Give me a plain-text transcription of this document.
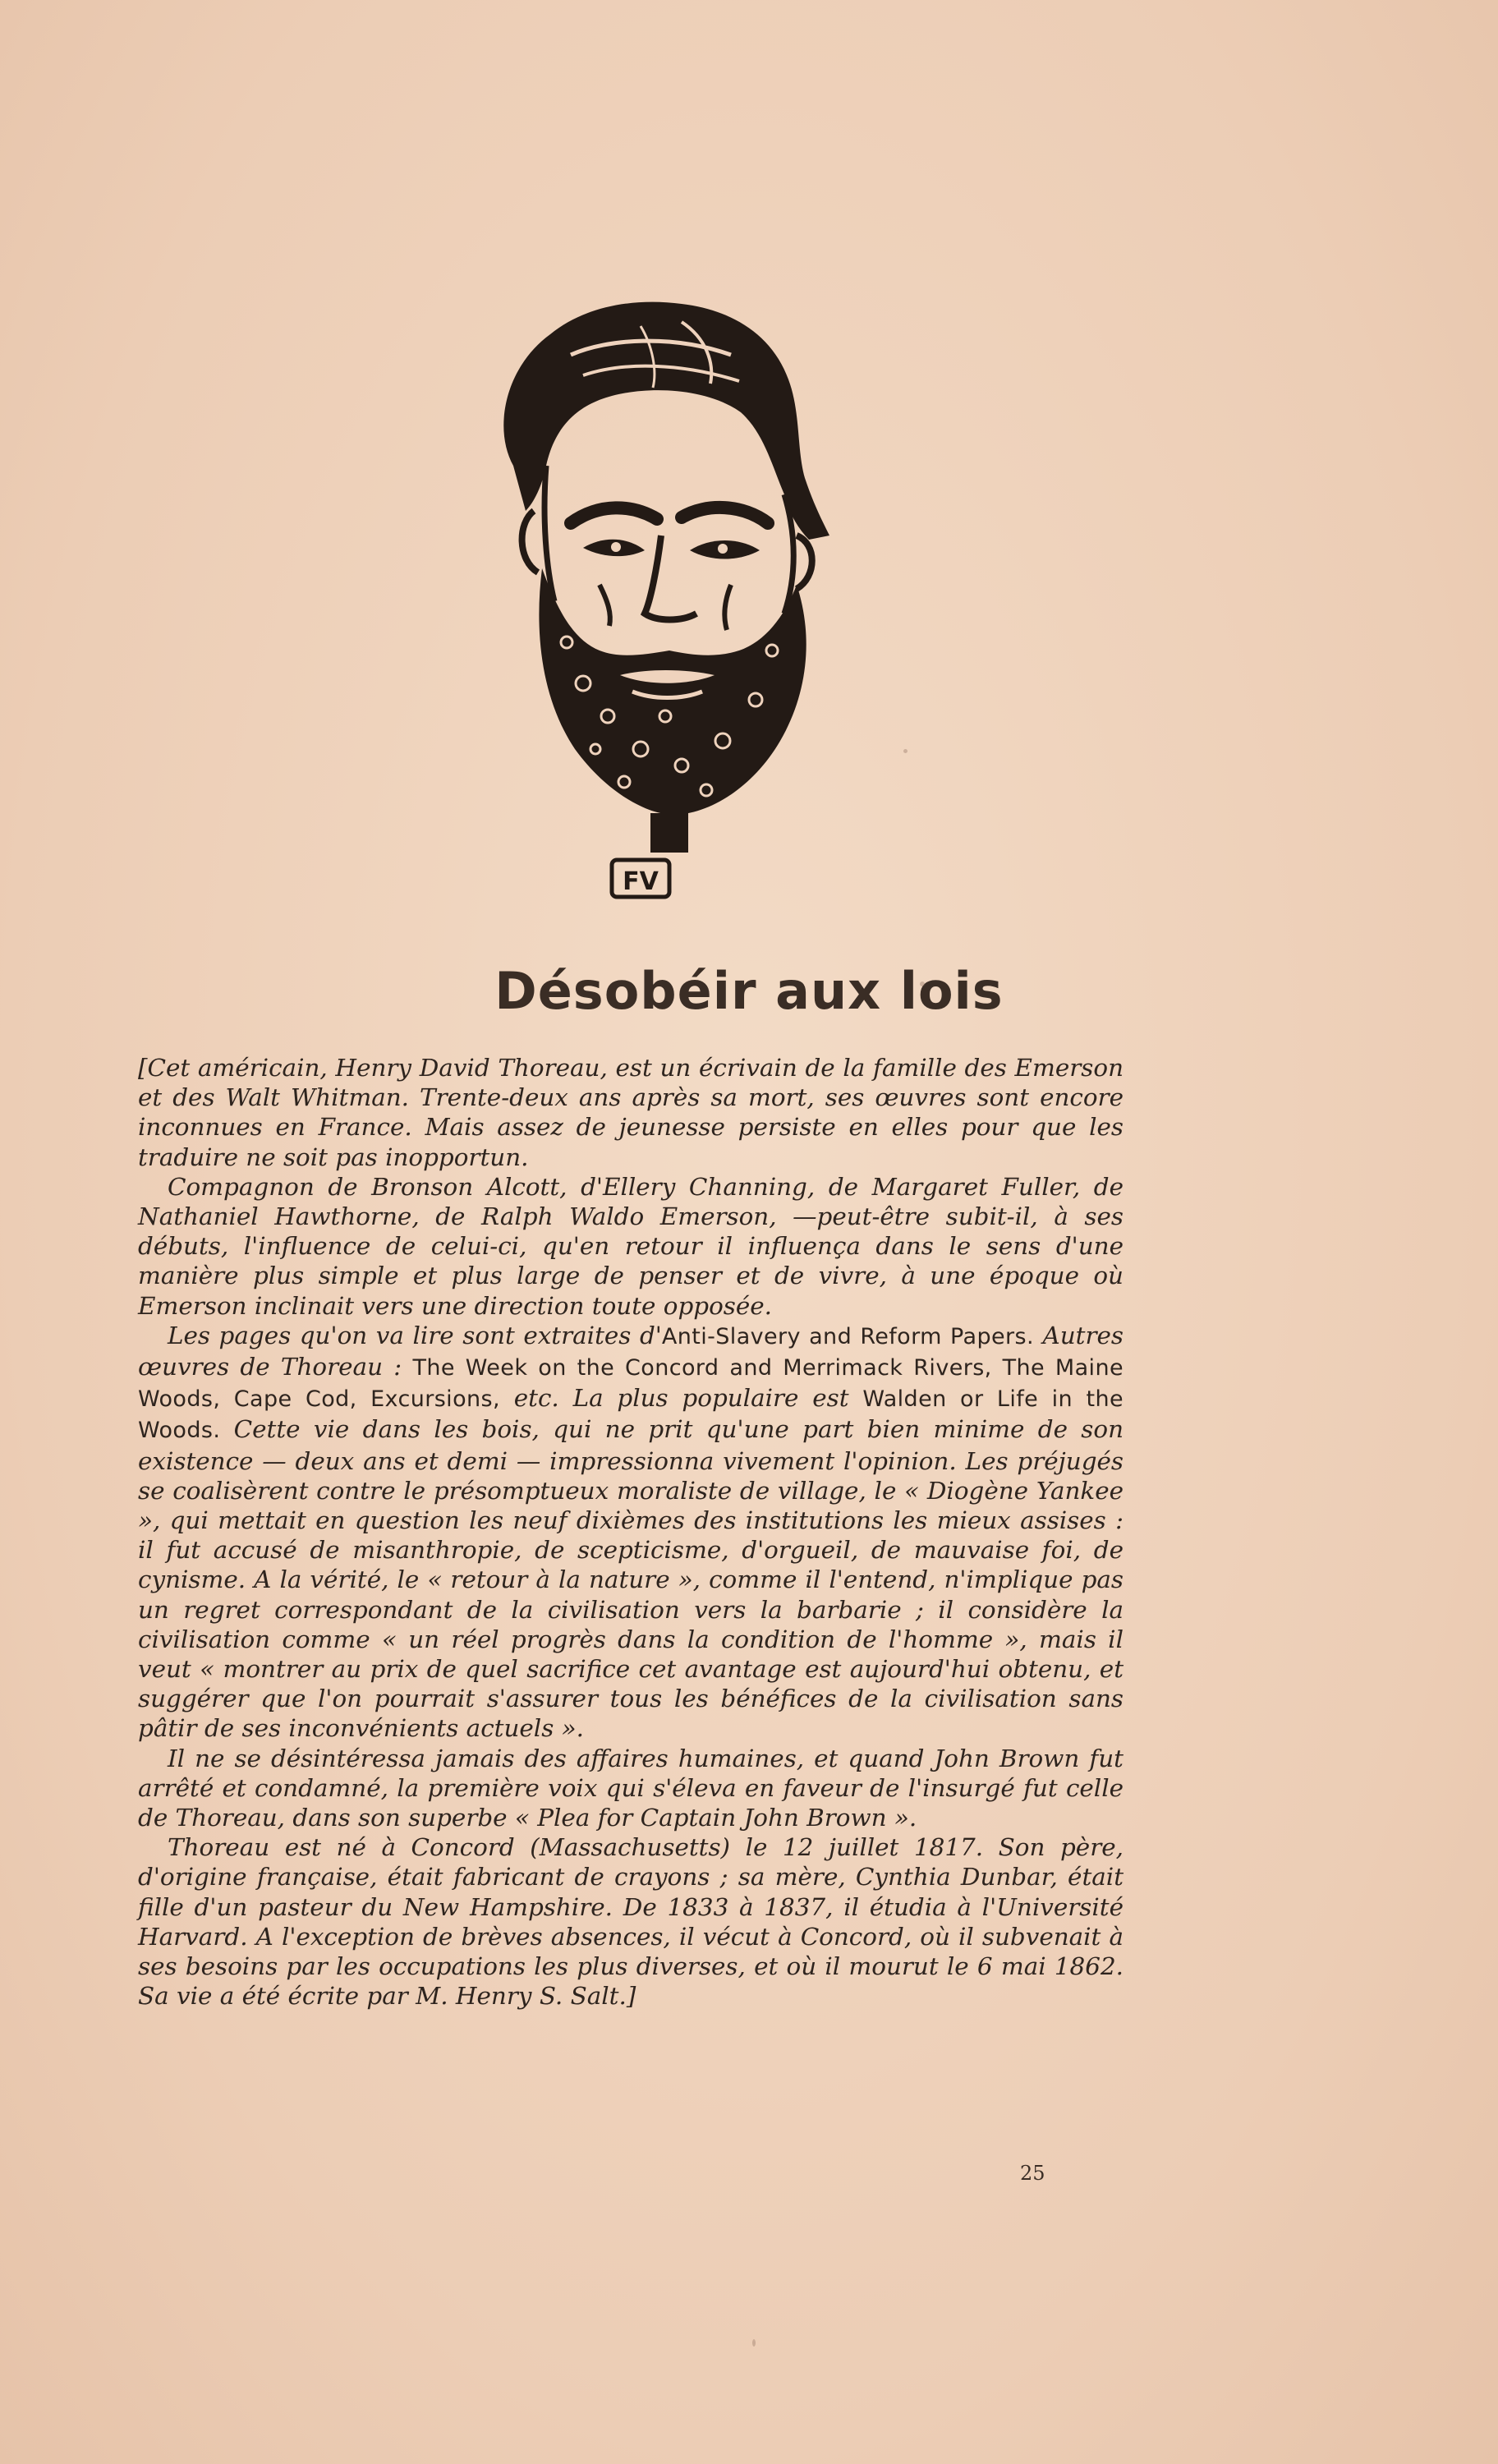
FV
Désobéir aux lois

[Cet américain, Henry David Thoreau, est un écrivain de la famille des Emerson et des Walt Whitman. Trente-deux ans après sa mort, ses œuvres sont encore inconnues en France. Mais assez de jeunesse persiste en elles pour que les traduire ne soit pas inopportun.

Compagnon de Bronson Alcott, d'Ellery Channing, de Margaret Fuller, de Nathaniel Hawthorne, de Ralph Waldo Emerson, —peut-être subit-il, à ses débuts, l'influence de celui-ci, qu'en retour il influença dans le sens d'une manière plus simple et plus large de penser et de vivre, à une époque où Emerson inclinait vers une direction toute opposée.

Les pages qu'on va lire sont extraites d'Anti-Slavery and Reform Papers. Autres œuvres de Thoreau : The Week on the Concord and Merrimack Rivers, The Maine Woods, Cape Cod, Excursions, etc. La plus populaire est Walden or Life in the Woods. Cette vie dans les bois, qui ne prit qu'une part bien minime de son existence — deux ans et demi — impressionna vivement l'opinion. Les préjugés se coalisèrent contre le présomptueux moraliste de village, le « Diogène Yankee », qui mettait en question les neuf dixièmes des institutions les mieux assises : il fut accusé de misanthropie, de scepticisme, d'orgueil, de mauvaise foi, de cynisme. A la vérité, le « retour à la nature », comme il l'entend, n'implique pas un regret correspondant de la civilisation vers la barbarie ; il considère la civilisation comme « un réel progrès dans la condition de l'homme », mais il veut « montrer au prix de quel sacrifice cet avantage est aujourd'hui obtenu, et suggérer que l'on pourrait s'assurer tous les bénéfices de la civilisation sans pâtir de ses inconvénients actuels ».

Il ne se désintéressa jamais des affaires humaines, et quand John Brown fut arrêté et condamné, la première voix qui s'éleva en faveur de l'insurgé fut celle de Thoreau, dans son superbe « Plea for Captain John Brown ».

Thoreau est né à Concord (Massachusetts) le 12 juillet 1817. Son père, d'origine française, était fabricant de crayons ; sa mère, Cynthia Dunbar, était fille d'un pasteur du New Hampshire. De 1833 à 1837, il étudia à l'Université Harvard. A l'exception de brèves absences, il vécut à Concord, où il subvenait à ses besoins par les occupations les plus diverses, et où il mourut le 6 mai 1862. Sa vie a été écrite par M. Henry S. Salt.]

25
